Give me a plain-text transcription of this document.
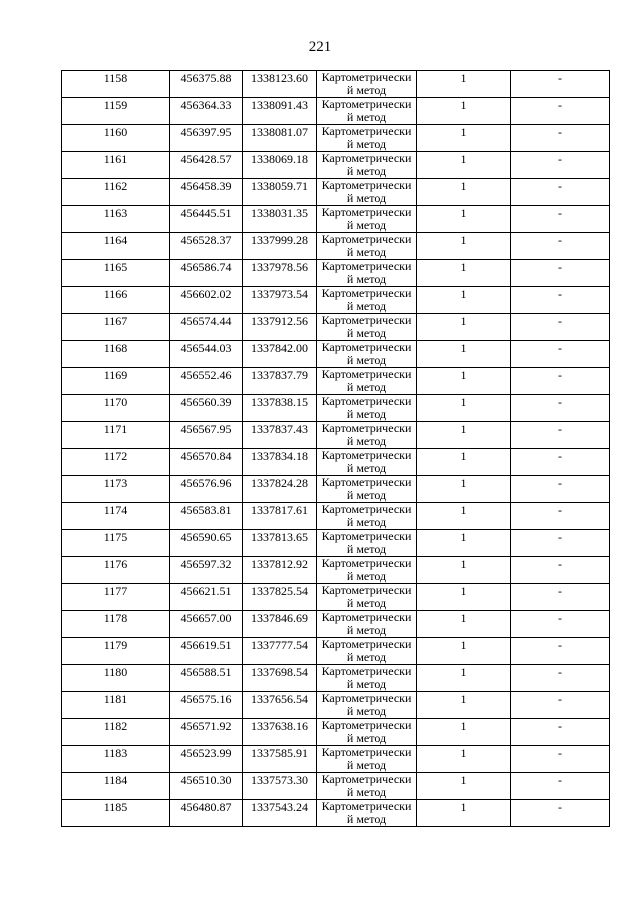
221
1158	456375.88	1338123.60	Картометрически й метод	1	-

1159	456364.33	1338091.43	Картометрически й метод	1	-

1160	456397.95	1338081.07	Картометрически й метод	1	-

1161	456428.57	1338069.18	Картометрически й метод	1	-

1162	456458.39	1338059.71	Картометрически й метод	1	-

1163	456445.51	1338031.35	Картометрически й метод	1	-

1164	456528.37	1337999.28	Картометрически й метод	1	-

1165	456586.74	1337978.56	Картометрически й метод	1	-

1166	456602.02	1337973.54	Картометрически й метод	1	-

1167	456574.44	1337912.56	Картометрически й метод	1	-

1168	456544.03	1337842.00	Картометрически й метод	1	-

1169	456552.46	1337837.79	Картометрически й метод	1	-

1170	456560.39	1337838.15	Картометрически й метод	1	-

1171	456567.95	1337837.43	Картометрически й метод	1	-

1172	456570.84	1337834.18	Картометрически й метод	1	-

1173	456576.96	1337824.28	Картометрически й метод	1	-

1174	456583.81	1337817.61	Картометрически й метод	1	-

1175	456590.65	1337813.65	Картометрически й метод	1	-

1176	456597.32	1337812.92	Картометрически й метод	1	-

1177	456621.51	1337825.54	Картометрически й метод	1	-

1178	456657.00	1337846.69	Картометрически й метод	1	-

1179	456619.51	1337777.54	Картометрически й метод	1	-

1180	456588.51	1337698.54	Картометрически й метод	1	-

1181	456575.16	1337656.54	Картометрически й метод	1	-

1182	456571.92	1337638.16	Картометрически й метод	1	-

1183	456523.99	1337585.91	Картометрически й метод	1	-

1184	456510.30	1337573.30	Картометрически й метод	1	-

1185	456480.87	1337543.24	Картометрически й метод	1	-
